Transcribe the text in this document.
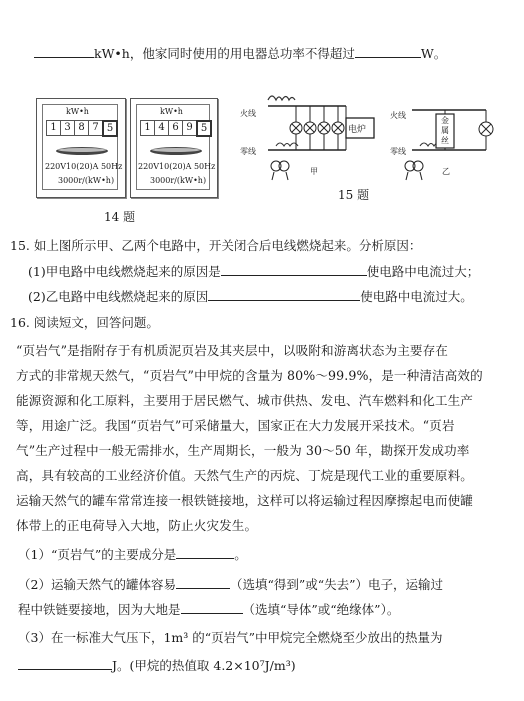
kW•h，他家同时使用的用电器总功率不得超过	W。
kW•h
1 3 8 7 5
220V10(20)A 50Hz
3000r/(kW•h)
kW•h
1 4 6 9 5
220V10(20)A 50Hz
3000r/(kW•h)
14 题
火线
零线
电炉
甲
火线
零线
金属丝
乙
15 题
15. 如上图所示甲、乙两个电路中，开关闭合后电线燃烧起来。分析原因：
(1)甲电路中电线燃烧起来的原因是	使电路中电流过大；
(2)乙电路中电线燃烧起来的原因	使电路中电流过大。
16. 阅读短文，回答问题。
“页岩气”是指附存于有机质泥页岩及其夹层中，以吸附和游离状态为主要存在
方式的非常规天然气，“页岩气”中甲烷的含量为 80%～99.9%，是一种清洁高效的
能源资源和化工原料，主要用于居民燃气、城市供热、发电、汽车燃料和化工生产
等，用途广泛。我国“页岩气”可采储量大，国家正在大力发展开采技术。“页岩
气”生产过程中一般无需排水，生产周期长，一般为 30～50 年，勘探开发成功率
高，具有较高的工业经济价值。天然气生产的丙烷、丁烷是现代工业的重要原料。
运输天然气的罐车常常连接一根铁链接地，这样可以将运输过程因摩擦起电而使罐
体带上的正电荷导入大地，防止火灾发生。
（1）“页岩气”的主要成分是	。
（2）运输天然气的罐体容易	（选填“得到”或“失去”）电子，运输过
程中铁链要接地，因为大地是	（选填“导体”或“绝缘体”）。
（3）在一标准大气压下，1m³ 的“页岩气”中甲烷完全燃烧至少放出的热量为
J。(甲烷的热值取 4.2×10⁷J/m³)
